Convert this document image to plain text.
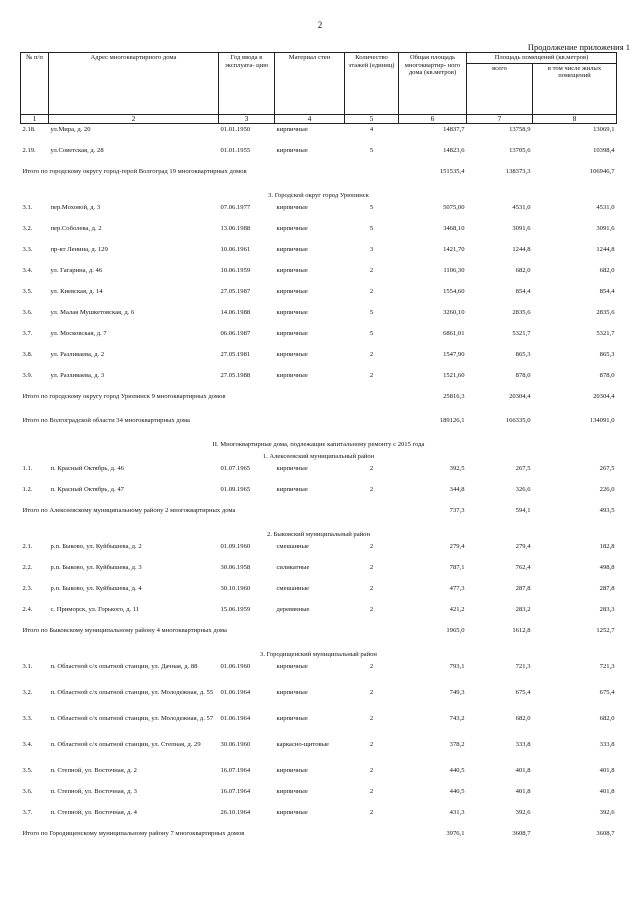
2
Продолжение приложения 1
№ п/п	Адрес многоквартирного дома	Год ввода в эксплуата- цию	Материал стен	Количество этажей (единиц)	Общая площадь многоквартир- ного дома (кв.метров)	Площадь помещений (кв.метров)	
						всего	в том числе жилых помещений
1	2	3	4	5	6	7	8
2.18.	ул.Мира, д. 20	01.01.1950	кирпичные	4	14837,7	13758,9	13069,1
2.19.	ул.Советская, д. 28	01.01.1955	кирпичные	5	14823,6	13705,6	10398,4
Итого по городскому округу город-герой Волгоград 19 многоквартирных домов					151535,4	138373,3	106946,7
3. Городской округ город Урюпинск							
3.1.	пер.Моховой, д. 3	07.06.1977	кирпичные	5	5075,00	4531,0	4531,0
3.2.	пер.Соболева, д. 2	13.06.1988	кирпичные	5	3468,10	3091,6	3091,6
3.3.	пр-кт Ленина, д. 129	10.06.1961	кирпичные	3	1421,70	1244,8	1244,8
3.4.	ул. Гагарина, д. 46	10.06.1959	кирпичные	2	1106,30	682,0	682,0
3.5.	ул. Киевская, д. 14	27.05.1987	кирпичные	2	1554,60	854,4	854,4
3.6.	ул. Малая Мушкетовская, д. 6	14.06.1988	кирпичные	5	3260,10	2835,6	2835,6
3.7.	ул. Московская, д. 7	06.06.1987	кирпичные	5	6861,01	5321,7	5321,7
3.8.	ул. Разливаева, д. 2	27.05.1981	кирпичные	2	1547,90	865,3	865,3
3.9.	ул. Разливаева, д. 3	27.05.1988	кирпичные	2	1521,60	878,0	878,0
Итого по городскому округу город Урюпинск 9 многоквартирных домов					25816,3	20304,4	20304,4
Итого по Волгоградской области 34 многоквартирных дома					189126,1	166335,0	134091,0
II. Многоквартирные дома, подлежащие капитальному ремонту с 2015 года							
1. Алексеевский муниципальный район							
1.1.	п. Красный Октябрь, д. 46	01.07.1965	кирпичные	2	392,5	267,5	267,5
1.2.	п. Красный Октябрь, д. 47	01.09.1965	кирпичные	2	344,8	326,6	226,0
Итого по Алексеевскому муниципальному району 2 многоквартирных дома					737,3	594,1	493,5
2. Быковский муниципальный район							
2.1.	р.п. Быково, ул. Куйбышева, д. 2	01.09.1960	смешанные	2	279,4	279,4	182,8
2.2.	р.п. Быково, ул. Куйбышева, д. 3	30.06.1958	силикатные	2	787,1	762,4	498,8
2.3.	р.п. Быково, ул. Куйбышева, д. 4	30.10.1960	смешанные	2	477,3	287,8	287,8
2.4.	с. Приморск, ул. Горького, д. 11	15.06.1959	деревянные	2	421,2	283,2	283,3
Итого по Быковскому муниципальному району 4 многоквартирных дома					1965,0	1612,8	1252,7
3. Городищенский муниципальный район							
3.1.	п. Областной с/х опытной станции, ул. Дачная, д. 88	01.06.1960	кирпичные	2	793,1	721,3	721,3
3.2.	п. Областной с/х опытной станции, ул. Молодежная, д. 55	01.06.1964	кирпичные	2	749,3	675,4	675,4
3.3.	п. Областной с/х опытной станции, ул. Молодежная, д. 57	01.06.1964	кирпичные	2	743,2	682,0	682,0
3.4.	п. Областной с/х опытной станции, ул. Степная, д. 29	30.06.1960	каркасно-щитовые	2	378,2	333,8	333,8
3.5.	п. Степной, ул. Восточная, д. 2	16.07.1964	кирпичные	2	440,5	401,8	401,8
3.6.	п. Степной, ул. Восточная, д. 3	16.07.1964	кирпичные	2	440,5	401,8	401,8
3.7.	п. Степной, ул. Восточная, д. 4	26.10.1964	кирпичные	2	431,3	392,6	392,6
Итого по Городищенскому муниципальному району 7 многоквартирных домов					3976,1	3608,7	3608,7
